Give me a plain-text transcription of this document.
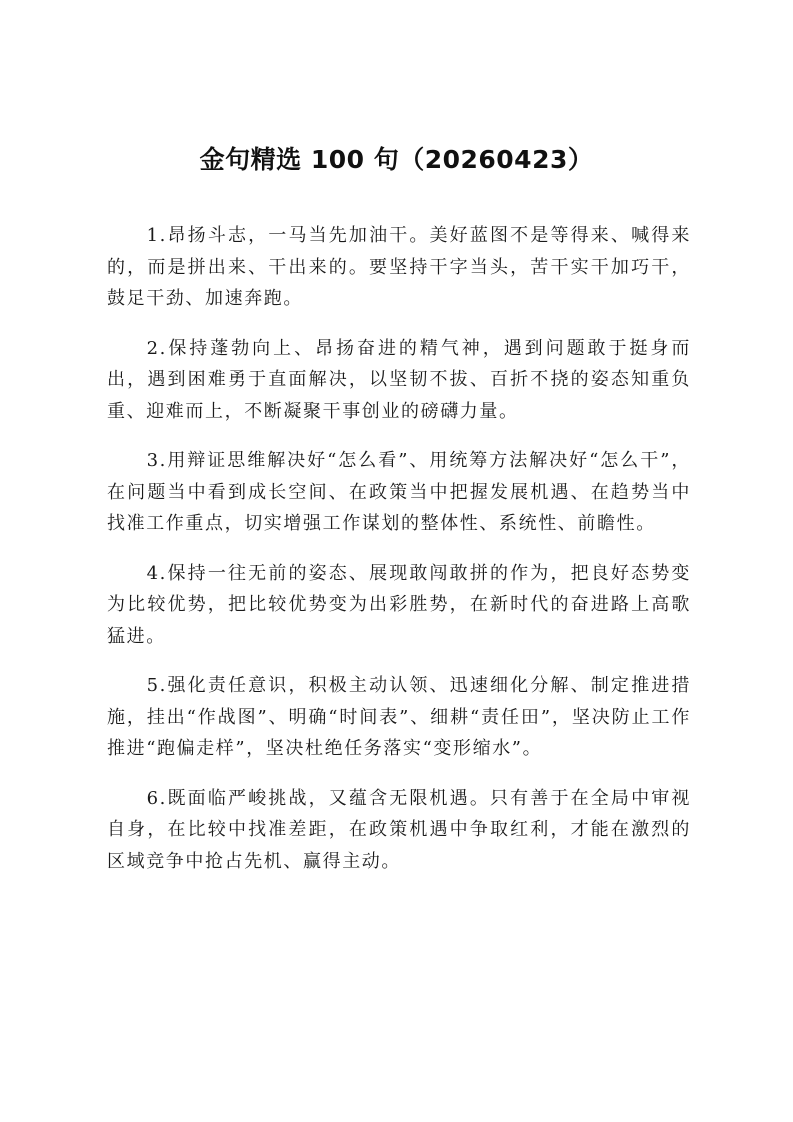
金句精选 100 句（20260423）

1.昂扬斗志，一马当先加油干。美好蓝图不是等得来、喊得来的，而是拼出来、干出来的。要坚持干字当头，苦干实干加巧干，鼓足干劲、加速奔跑。

2.保持蓬勃向上、昂扬奋进的精气神，遇到问题敢于挺身而出，遇到困难勇于直面解决，以坚韧不拔、百折不挠的姿态知重负重、迎难而上，不断凝聚干事创业的磅礴力量。

3.用辩证思维解决好“怎么看”、用统筹方法解决好“怎么干”，在问题当中看到成长空间、在政策当中把握发展机遇、在趋势当中找准工作重点，切实增强工作谋划的整体性、系统性、前瞻性。

4.保持一往无前的姿态、展现敢闯敢拼的作为，把良好态势变为比较优势，把比较优势变为出彩胜势，在新时代的奋进路上高歌猛进。

5.强化责任意识，积极主动认领、迅速细化分解、制定推进措施，挂出“作战图”、明确“时间表”、细耕“责任田”，坚决防止工作推进“跑偏走样”，坚决杜绝任务落实“变形缩水”。

6.既面临严峻挑战，又蕴含无限机遇。只有善于在全局中审视自身，在比较中找准差距，在政策机遇中争取红利，才能在激烈的区域竞争中抢占先机、赢得主动。
